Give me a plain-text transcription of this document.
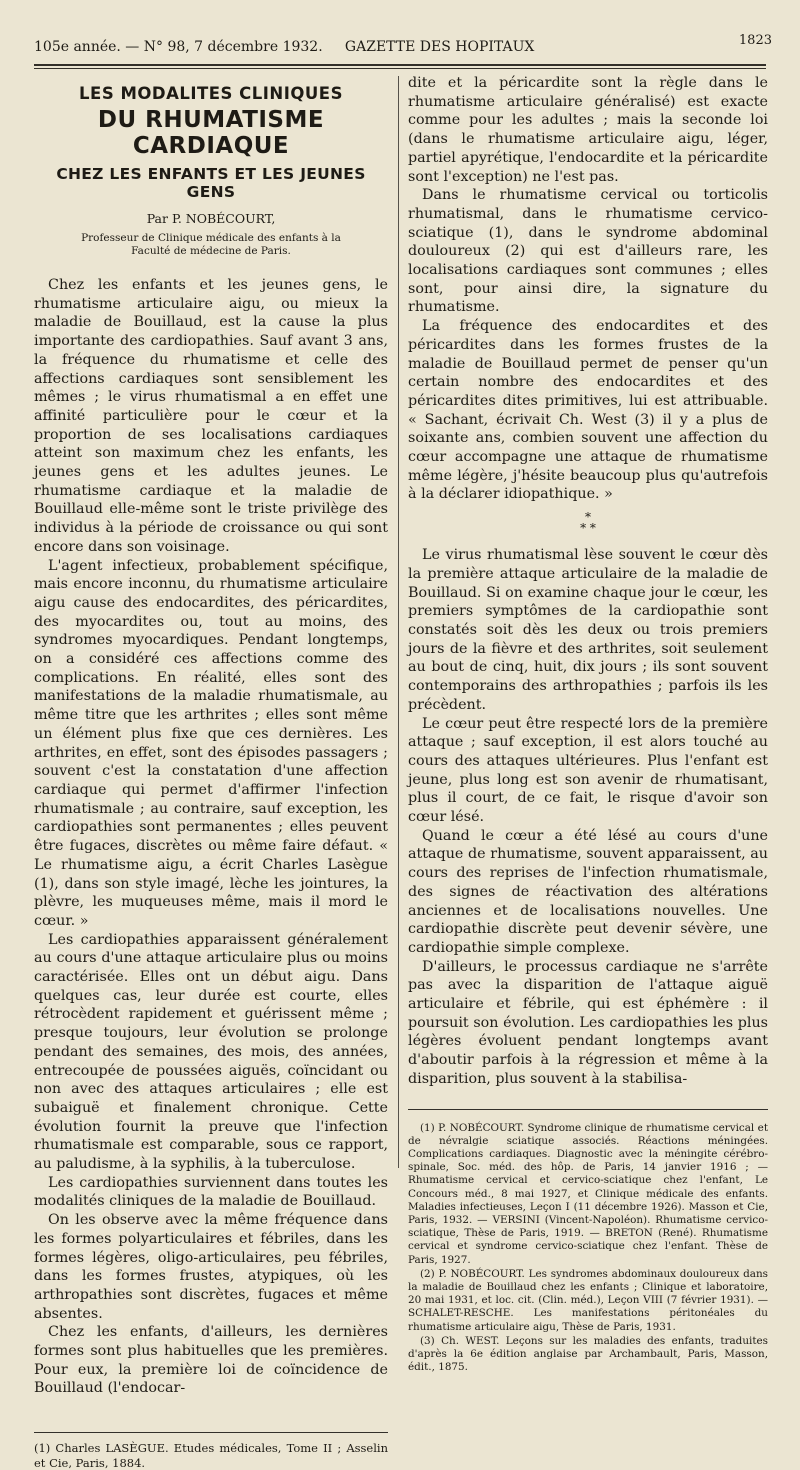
105e année. — N° 98, 7 décembre 1932. GAZETTE DES HOPITAUX	1823
LES MODALITES CLINIQUES
DU RHUMATISME CARDIAQUE
CHEZ LES ENFANTS ET LES JEUNES GENS
Par P. NOBÉCOURT,
Professeur de Clinique médicale des enfants à la Faculté de médecine de Paris.

Chez les enfants et les jeunes gens, le rhumatisme articulaire aigu, ou mieux la maladie de Bouillaud, est la cause la plus importante des cardiopathies. Sauf avant 3 ans, la fréquence du rhumatisme et celle des affections cardiaques sont sensiblement les mêmes ; le virus rhumatismal a en effet une affinité particulière pour le cœur et la proportion de ses localisations cardiaques atteint son maximum chez les enfants, les jeunes gens et les adultes jeunes. Le rhumatisme cardiaque et la maladie de Bouillaud elle-même sont le triste privilège des individus à la période de croissance ou qui sont encore dans son voisinage.

L'agent infectieux, probablement spécifique, mais encore inconnu, du rhumatisme articulaire aigu cause des endocardites, des péricardites, des myocardites ou, tout au moins, des syndromes myocardiques. Pendant longtemps, on a considéré ces affections comme des complications. En réalité, elles sont des manifestations de la maladie rhumatismale, au même titre que les arthrites ; elles sont même un élément plus fixe que ces dernières. Les arthrites, en effet, sont des épisodes passagers ; souvent c'est la constatation d'une affection cardiaque qui permet d'affirmer l'infection rhumatismale ; au contraire, sauf exception, les cardiopathies sont permanentes ; elles peuvent être fugaces, discrètes ou même faire défaut. « Le rhumatisme aigu, a écrit Charles Lasègue (1), dans son style imagé, lèche les jointures, la plèvre, les muqueuses même, mais il mord le cœur. »

Les cardiopathies apparaissent généralement au cours d'une attaque articulaire plus ou moins caractérisée. Elles ont un début aigu. Dans quelques cas, leur durée est courte, elles rétrocèdent rapidement et guérissent même ; presque toujours, leur évolution se prolonge pendant des semaines, des mois, des années, entrecoupée de poussées aiguës, coïncidant ou non avec des attaques articulaires ; elle est subaiguë et finalement chronique. Cette évolution fournit la preuve que l'infection rhumatismale est comparable, sous ce rapport, au paludisme, à la syphilis, à la tuberculose.

Les cardiopathies surviennent dans toutes les modalités cliniques de la maladie de Bouillaud.

On les observe avec la même fréquence dans les formes polyarticulaires et fébriles, dans les formes légères, oligo-articulaires, peu fébriles, dans les formes frustes, atypiques, où les arthropathies sont discrètes, fugaces et même absentes.

Chez les enfants, d'ailleurs, les dernières formes sont plus habituelles que les premières. Pour eux, la première loi de coïncidence de Bouillaud (l'endocar-

(1) Charles LASÈGUE. Etudes médicales, Tome II ; Asselin et Cie, Paris, 1884.

dite et la péricardite sont la règle dans le rhumatisme articulaire généralisé) est exacte comme pour les adultes ; mais la seconde loi (dans le rhumatisme articulaire aigu, léger, partiel apyrétique, l'endocardite et la péricardite sont l'exception) ne l'est pas.

Dans le rhumatisme cervical ou torticolis rhumatismal, dans le rhumatisme cervico-sciatique (1), dans le syndrome abdominal douloureux (2) qui est d'ailleurs rare, les localisations cardiaques sont communes ; elles sont, pour ainsi dire, la signature du rhumatisme.

La fréquence des endocardites et des péricardites dans les formes frustes de la maladie de Bouillaud permet de penser qu'un certain nombre des endocardites et des péricardites dites primitives, lui est attribuable. « Sachant, écrivait Ch. West (3) il y a plus de soixante ans, combien souvent une affection du cœur accompagne une attaque de rhumatisme même légère, j'hésite beaucoup plus qu'autrefois à la déclarer idiopathique. »

*
* *

Le virus rhumatismal lèse souvent le cœur dès la première attaque articulaire de la maladie de Bouillaud. Si on examine chaque jour le cœur, les premiers symptômes de la cardiopathie sont constatés soit dès les deux ou trois premiers jours de la fièvre et des arthrites, soit seulement au bout de cinq, huit, dix jours ; ils sont souvent contemporains des arthropathies ; parfois ils les précèdent.

Le cœur peut être respecté lors de la première attaque ; sauf exception, il est alors touché au cours des attaques ultérieures. Plus l'enfant est jeune, plus long est son avenir de rhumatisant, plus il court, de ce fait, le risque d'avoir son cœur lésé.

Quand le cœur a été lésé au cours d'une attaque de rhumatisme, souvent apparaissent, au cours des reprises de l'infection rhumatismale, des signes de réactivation des altérations anciennes et de localisations nouvelles. Une cardiopathie discrète peut devenir sévère, une cardiopathie simple complexe.

D'ailleurs, le processus cardiaque ne s'arrête pas avec la disparition de l'attaque aiguë articulaire et fébrile, qui est éphémère : il poursuit son évolution. Les cardiopathies les plus légères évoluent pendant longtemps avant d'aboutir parfois à la régression et même à la disparition, plus souvent à la stabilisa-

(1) P. NOBÉCOURT. Syndrome clinique de rhumatisme cervical et de névralgie sciatique associés. Réactions méningées. Complications cardiaques. Diagnostic avec la méningite cérébro-spinale, Soc. méd. des hôp. de Paris, 14 janvier 1916 ; — Rhumatisme cervical et cervico-sciatique chez l'enfant, Le Concours méd., 8 mai 1927, et Clinique médicale des enfants. Maladies infectieuses, Leçon I (11 décembre 1926). Masson et Cie, Paris, 1932. — VERSINI (Vincent-Napoléon). Rhumatisme cervico-sciatique, Thèse de Paris, 1919. — BRETON (René). Rhumatisme cervical et syndrome cervico-sciatique chez l'enfant. Thèse de Paris, 1927.

(2) P. NOBÉCOURT. Les syndromes abdominaux douloureux dans la maladie de Bouillaud chez les enfants ; Clinique et laboratoire, 20 mai 1931, et loc. cit. (Clin. méd.), Leçon VIII (7 février 1931). — SCHALET-RESCHE. Les manifestations péritonéales du rhumatisme articulaire aigu, Thèse de Paris, 1931.

(3) Ch. WEST. Leçons sur les maladies des enfants, traduites d'après la 6e édition anglaise par Archambault, Paris, Masson, édit., 1875.
